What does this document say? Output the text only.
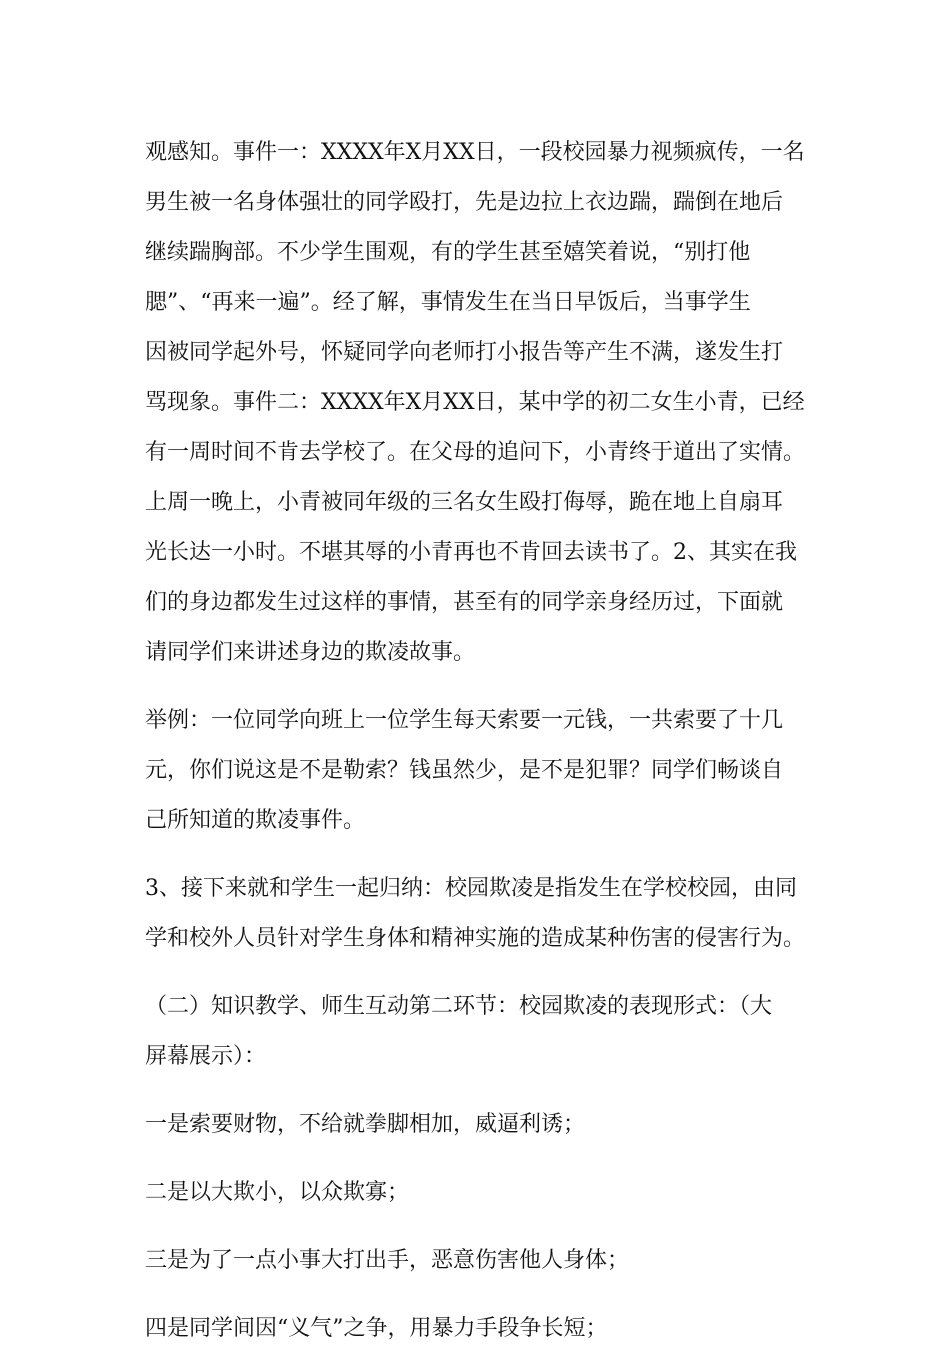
观感知。事件一：XXXX年X月XX日，一段校园暴力视频疯传，一名
男生被一名身体强壮的同学殴打，先是边拉上衣边踹，踹倒在地后
继续踹胸部。不少学生围观，有的学生甚至嬉笑着说，“别打他
腮”、“再来一遍”。经了解，事情发生在当日早饭后，当事学生
因被同学起外号，怀疑同学向老师打小报告等产生不满，遂发生打
骂现象。事件二：XXXX年X月XX日，某中学的初二女生小青，已经
有一周时间不肯去学校了。在父母的追问下，小青终于道出了实情。
上周一晚上，小青被同年级的三名女生殴打侮辱，跪在地上自扇耳
光长达一小时。不堪其辱的小青再也不肯回去读书了。2、其实在我
们的身边都发生过这样的事情，甚至有的同学亲身经历过，下面就
请同学们来讲述身边的欺凌故事。
举例：一位同学向班上一位学生每天索要一元钱，一共索要了十几
元，你们说这是不是勒索？钱虽然少，是不是犯罪？同学们畅谈自
己所知道的欺凌事件。
3、接下来就和学生一起归纳：校园欺凌是指发生在学校校园，由同
学和校外人员针对学生身体和精神实施的造成某种伤害的侵害行为。
（二）知识教学、师生互动第二环节：校园欺凌的表现形式：（大
屏幕展示）：
一是索要财物，不给就拳脚相加，威逼利诱；
二是以大欺小，以众欺寡；
三是为了一点小事大打出手，恶意伤害他人身体；
四是同学间因“义气”之争，用暴力手段争长短；
